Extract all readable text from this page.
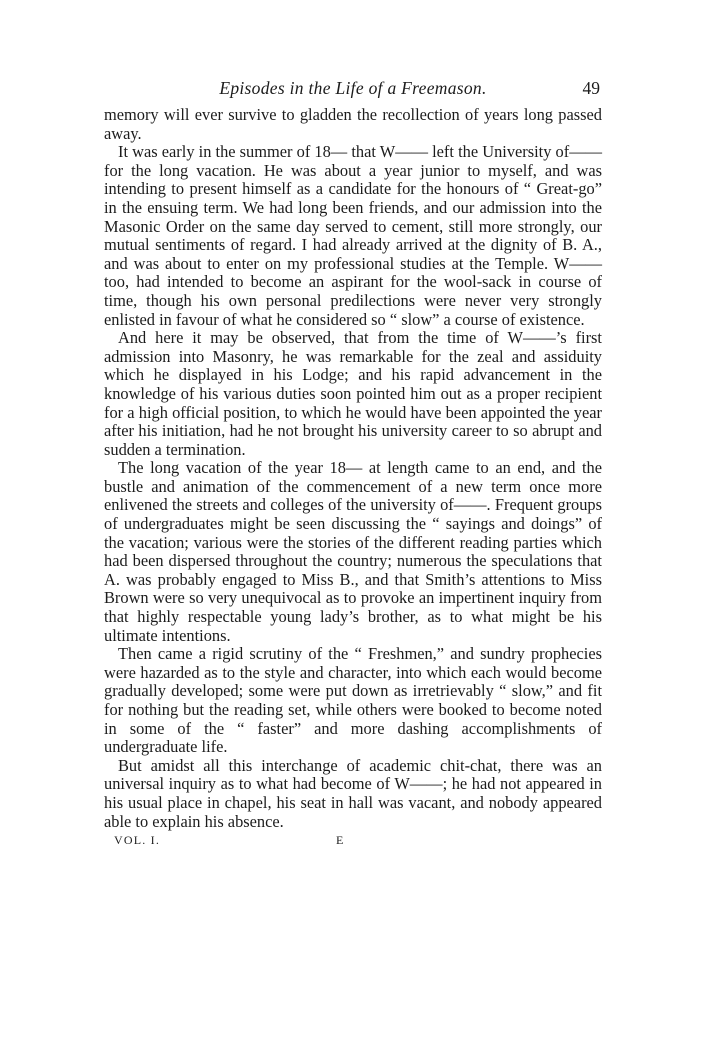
Episodes in the Life of a Freemason.	49

memory will ever survive to gladden the recollection of years long passed away.

It was early in the summer of 18— that W—— left the University of—— for the long vacation. He was about a year junior to myself, and was intending to present himself as a candidate for the honours of “ Great-go” in the ensuing term. We had long been friends, and our admission into the Masonic Order on the same day served to cement, still more strongly, our mutual sentiments of regard. I had already arrived at the dignity of B. A., and was about to enter on my professional studies at the Temple. W—— too, had intended to become an aspirant for the wool-sack in course of time, though his own personal predilections were never very strongly enlisted in favour of what he considered so “ slow” a course of existence.

And here it may be observed, that from the time of W——’s first admission into Masonry, he was remarkable for the zeal and assiduity which he displayed in his Lodge; and his rapid advancement in the knowledge of his various duties soon pointed him out as a proper recipient for a high official position, to which he would have been appointed the year after his initiation, had he not brought his university career to so abrupt and sudden a termination.

The long vacation of the year 18— at length came to an end, and the bustle and animation of the commencement of a new term once more enlivened the streets and colleges of the university of——. Frequent groups of undergraduates might be seen discussing the “ sayings and doings” of the vacation; various were the stories of the different reading parties which had been dispersed throughout the country; numerous the speculations that A. was probably engaged to Miss B., and that Smith’s attentions to Miss Brown were so very unequivocal as to provoke an impertinent inquiry from that highly respectable young lady’s brother, as to what might be his ultimate intentions.

Then came a rigid scrutiny of the “ Freshmen,” and sundry prophecies were hazarded as to the style and character, into which each would become gradually developed; some were put down as irretrievably “ slow,” and fit for nothing but the reading set, while others were booked to become noted in some of the “ faster” and more dashing accomplishments of undergraduate life.

But amidst all this interchange of academic chit-chat, there was an universal inquiry as to what had become of W——; he had not appeared in his usual place in chapel, his seat in hall was vacant, and nobody appeared able to explain his absence.

VOL. I.	E
